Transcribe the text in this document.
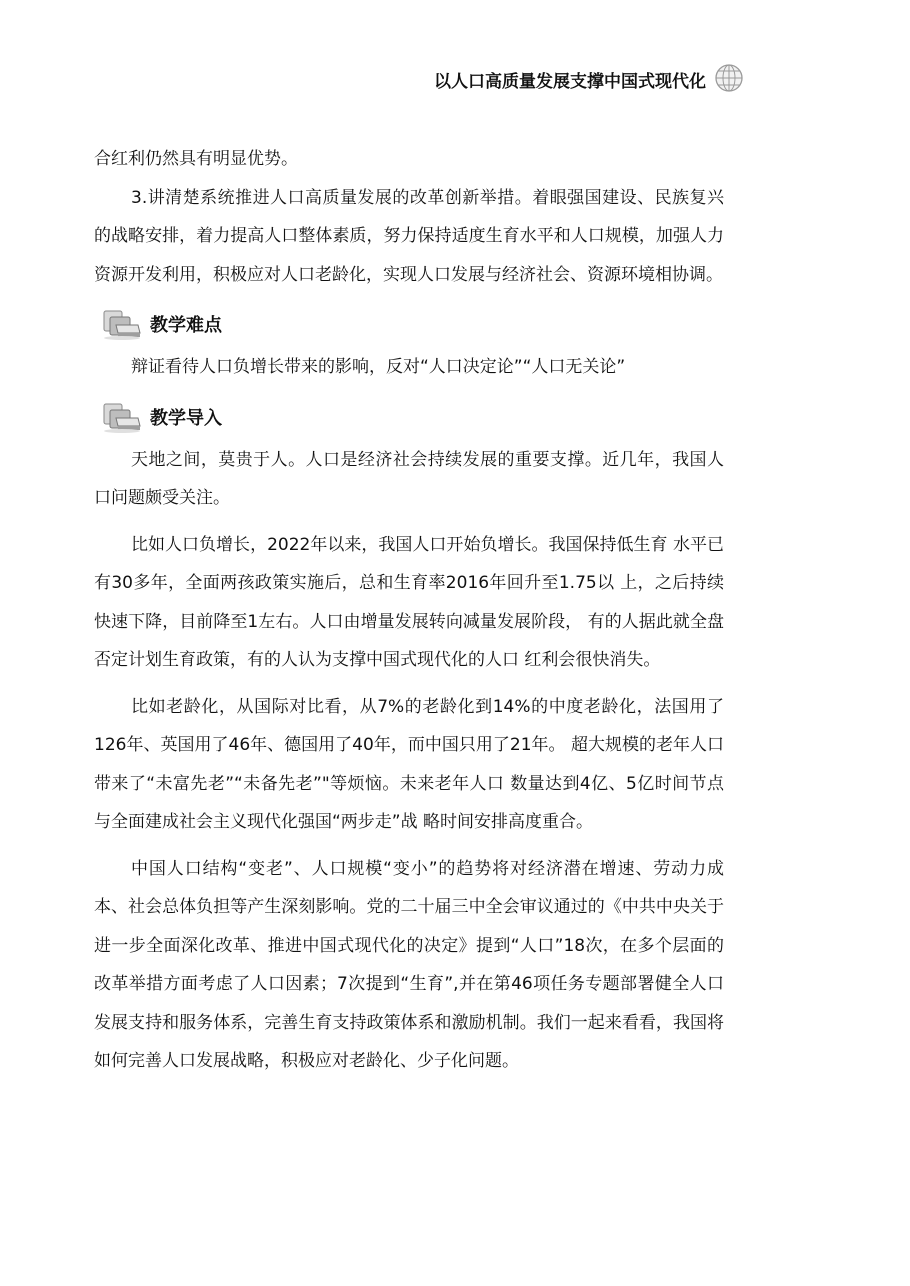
以人口高质量发展支撑中国式现代化

合红利仍然具有明显优势。

3.讲清楚系统推进人口高质量发展的改革创新举措。着眼强国建设、民族复兴的战略安排，着力提高人口整体素质，努力保持适度生育水平和人口规模，加强人力资源开发利用，积极应对人口老龄化，实现人口发展与经济社会、资源环境相协调。

教学难点

辩证看待人口负增长带来的影响，反对“人口决定论”“人口无关论”

教学导入

天地之间，莫贵于人。人口是经济社会持续发展的重要支撑。近几年，我国人口问题颇受关注。

比如人口负增长，2022年以来，我国人口开始负增长。我国保持低生育 水平已有30多年，全面两孩政策实施后，总和生育率2016年回升至1.75以 上，之后持续快速下降，目前降至1左右。人口由增量发展转向减量发展阶段， 有的人据此就全盘否定计划生育政策，有的人认为支撑中国式现代化的人口 红利会很快消失。

比如老龄化，从国际对比看，从7%的老龄化到14%的中度老龄化，法国用了126年、英国用了46年、德国用了40年，而中国只用了21年。 超大规模的老年人口带来了“未富先老”“未备先老”"等烦恼。未来老年人口 数量达到4亿、5亿时间节点与全面建成社会主义现代化强国“两步走”战 略时间安排高度重合。

中国人口结构“变老”、人口规模“变小”的趋势将对经济潜在增速、劳动力成本、社会总体负担等产生深刻影响。党的二十届三中全会审议通过的《中共中央关于进一步全面深化改革、推进中国式现代化的决定》提到“人口”18次，在多个层面的改革举措方面考虑了人口因素；7次提到“生育”,并在第46项任务专题部署健全人口发展支持和服务体系，完善生育支持政策体系和激励机制。我们一起来看看，我国将如何完善人口发展战略，积极应对老龄化、少子化问题。
